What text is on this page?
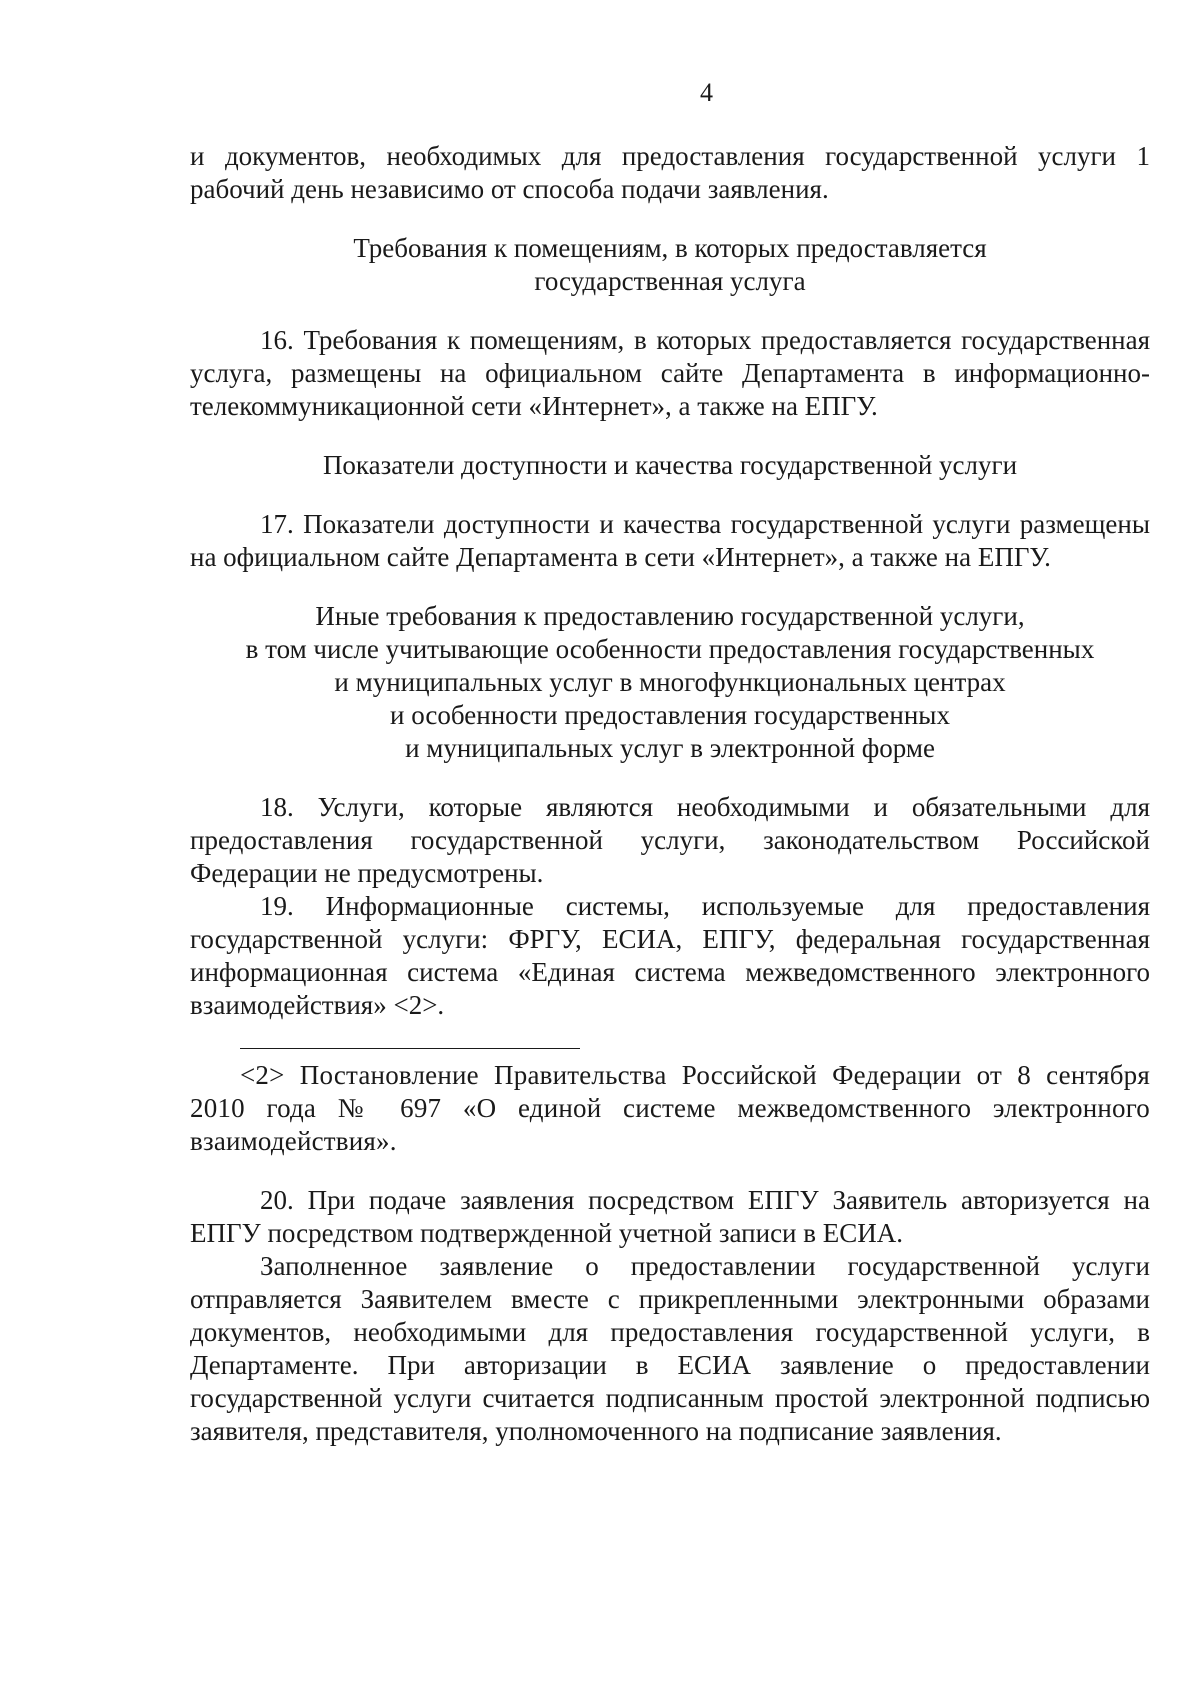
4

и документов, необходимых для предоставления государственной услуги 1 рабочий день независимо от способа подачи заявления.

Требования к помещениям, в которых предоставляется
государственная услуга

16. Требования к помещениям, в которых предоставляется государственная услуга, размещены на официальном сайте Департамента в информационно-телекоммуникационной сети «Интернет», а также на ЕПГУ.

Показатели доступности и качества государственной услуги

17. Показатели доступности и качества государственной услуги размещены на официальном сайте Департамента в сети «Интернет», а также на ЕПГУ.

Иные требования к предоставлению государственной услуги,
в том числе учитывающие особенности предоставления государственных
и муниципальных услуг в многофункциональных центрах
и особенности предоставления государственных
и муниципальных услуг в электронной форме

18. Услуги, которые являются необходимыми и обязательными для предоставления государственной услуги, законодательством Российской Федерации не предусмотрены.

19. Информационные системы, используемые для предоставления государственной услуги: ФРГУ, ЕСИА, ЕПГУ, федеральная государственная информационная система «Единая система межведомственного электронного взаимодействия» <2>.

<2> Постановление Правительства Российской Федерации от 8 сентября 2010 года № 697 «О единой системе межведомственного электронного взаимодействия».

20. При подаче заявления посредством ЕПГУ Заявитель авторизуется на ЕПГУ посредством подтвержденной учетной записи в ЕСИА.

Заполненное заявление о предоставлении государственной услуги отправляется Заявителем вместе с прикрепленными электронными образами документов, необходимыми для предоставления государственной услуги, в Департаменте. При авторизации в ЕСИА заявление о предоставлении государственной услуги считается подписанным простой электронной подписью заявителя, представителя, уполномоченного на подписание заявления.
